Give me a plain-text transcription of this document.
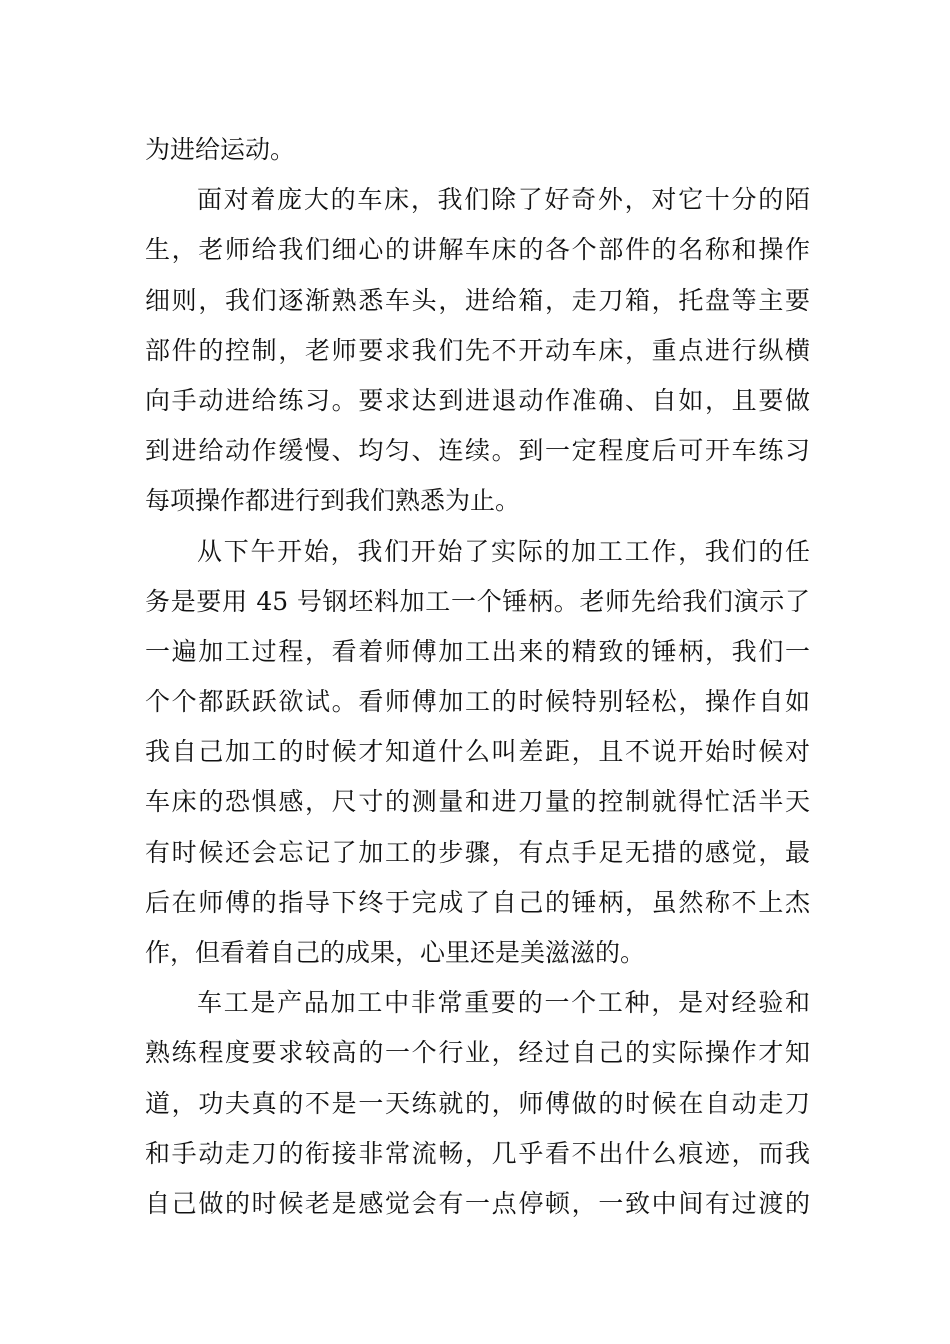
为进给运动。
面对着庞大的车床，我们除了好奇外，对它十分的陌
生，老师给我们细心的讲解车床的各个部件的名称和操作
细则，我们逐渐熟悉车头，进给箱，走刀箱，托盘等主要
部件的控制，老师要求我们先不开动车床，重点进行纵横
向手动进给练习。要求达到进退动作准确、自如，且要做
到进给动作缓慢、均匀、连续。到一定程度后可开车练习
每项操作都进行到我们熟悉为止。
从下午开始，我们开始了实际的加工工作，我们的任
务是要用 45 号钢坯料加工一个锤柄。老师先给我们演示了
一遍加工过程，看着师傅加工出来的精致的锤柄，我们一
个个都跃跃欲试。看师傅加工的时候特别轻松，操作自如
我自己加工的时候才知道什么叫差距，且不说开始时候对
车床的恐惧感，尺寸的测量和进刀量的控制就得忙活半天
有时候还会忘记了加工的步骤，有点手足无措的感觉，最
后在师傅的指导下终于完成了自己的锤柄，虽然称不上杰
作，但看着自己的成果，心里还是美滋滋的。
车工是产品加工中非常重要的一个工种，是对经验和
熟练程度要求较高的一个行业，经过自己的实际操作才知
道，功夫真的不是一天练就的，师傅做的时候在自动走刀
和手动走刀的衔接非常流畅，几乎看不出什么痕迹，而我
自己做的时候老是感觉会有一点停顿，一致中间有过渡的
